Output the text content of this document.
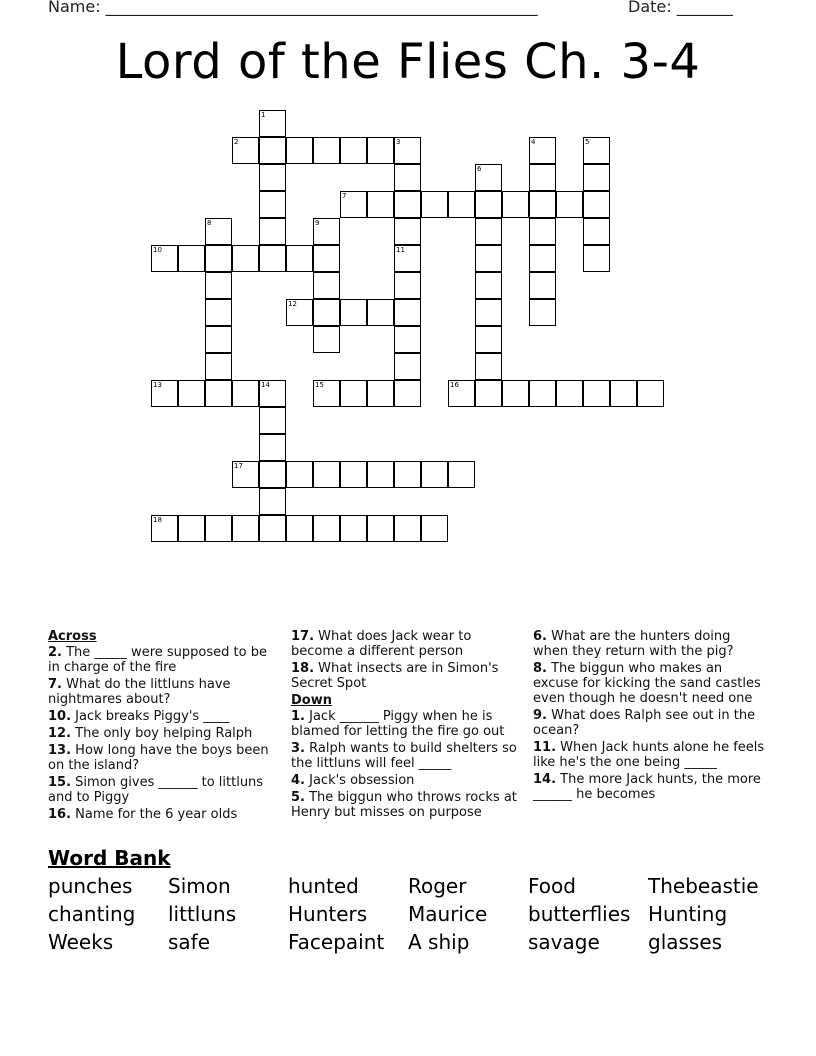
Name: ______________________________________________________	Date: _______
Lord of the Flies Ch. 3-4
1
2	3	4	5
6
7
8	9
10	11
12
13	14	15	16
17
18
Across
2. The _____ were supposed to be in charge of the fire
7. What do the littluns have nightmares about?
10. Jack breaks Piggy's ____
12. The only boy helping Ralph
13. How long have the boys been on the island?
15. Simon gives ______ to littluns and to Piggy
16. Name for the 6 year olds
17. What does Jack wear to become a different person
18. What insects are in Simon's Secret Spot
Down
1. Jack ______ Piggy when he is blamed for letting the fire go out
3. Ralph wants to build shelters so the littluns will feel _____
4. Jack's obsession
5. The biggun who throws rocks at Henry but misses on purpose
6. What are the hunters doing when they return with the pig?
8. The biggun who makes an excuse for kicking the sand castles even though he doesn't need one
9. What does Ralph see out in the ocean?
11. When Jack hunts alone he feels like he's the one being _____
14. The more Jack hunts, the more ______ he becomes
Word Bank
punches	Simon	hunted	Roger	Food	Thebeastie
chanting	littluns	Hunters	Maurice	butterflies Hunting
Weeks	safe	Facepaint	A ship	savage	glasses
